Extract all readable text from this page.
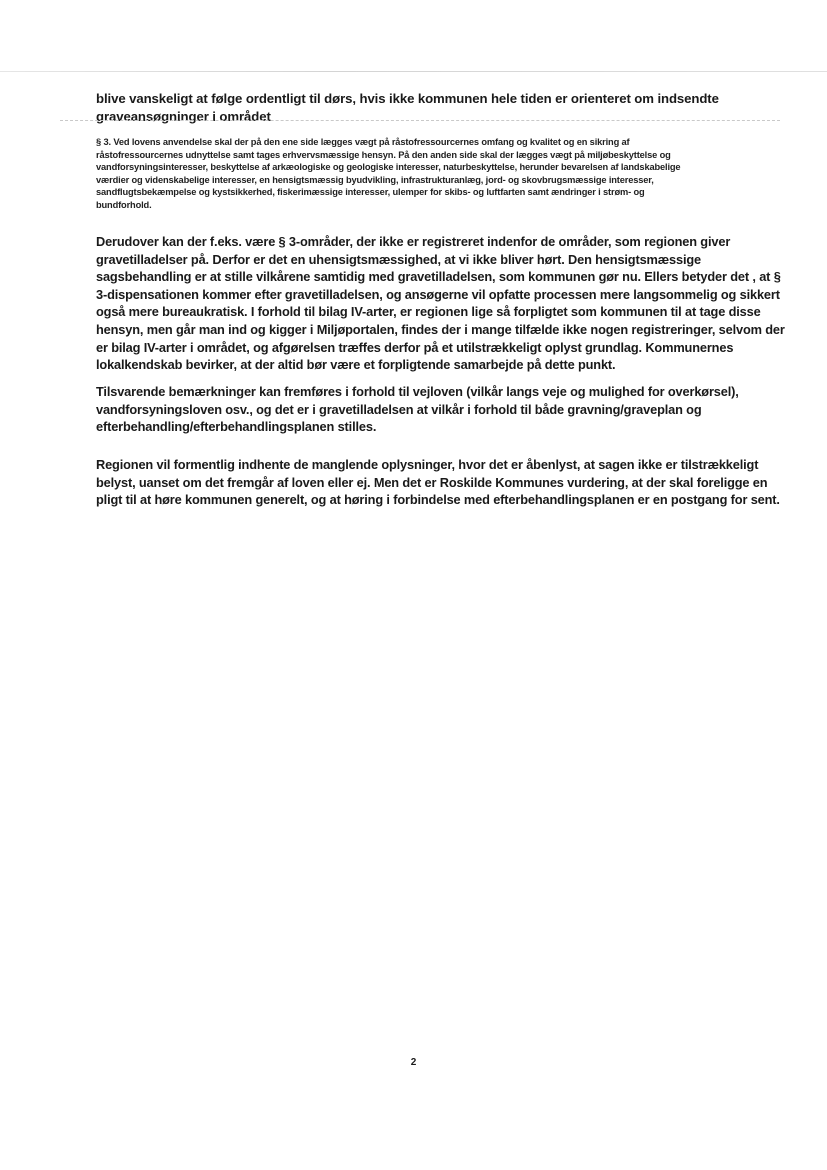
blive vanskeligt at følge ordentligt til dørs, hvis ikke kommunen hele tiden er orienteret om indsendte
graveansøgninger i området
§ 3. Ved lovens anvendelse skal der på den ene side lægges vægt på råstofressourcernes omfang og kvalitet og en sikring af
råstofressourcernes udnyttelse samt tages erhvervsmæssige hensyn. På den anden side skal der lægges vægt på miljøbeskyttelse og
vandforsyningsinteresser, beskyttelse af arkæologiske og geologiske interesser, naturbeskyttelse, herunder bevarelsen af landskabelige
værdier og videnskabelige interesser, en hensigtsmæssig byudvikling, infrastrukturanlæg, jord- og skovbrugsmæssige interesser,
sandflugtsbekæmpelse og kystsikkerhed, fiskerimæssige interesser, ulemper for skibs- og luftfarten samt ændringer i strøm- og
bundforhold.
Derudover kan der f.eks. være § 3-områder, der ikke er registreret indenfor de områder, som regionen giver
gravetilladelser på. Derfor er det en uhensigtsmæssighed, at vi ikke bliver hørt. Den hensigtsmæssige
sagsbehandling er at stille vilkårene samtidig med gravetilladelsen, som kommunen gør nu. Ellers betyder det , at §
3-dispensationen kommer efter gravetilladelsen, og ansøgerne vil opfatte processen mere langsommelig og sikkert
også mere bureaukratisk. I forhold til bilag IV-arter, er regionen lige så forpligtet som kommunen til at tage disse
hensyn, men går man ind og kigger i Miljøportalen, findes der i mange tilfælde ikke nogen registreringer, selvom der
er bilag IV-arter i området, og afgørelsen træffes derfor på et utilstrækkeligt oplyst grundlag. Kommunernes
lokalkendskab bevirker, at der altid bør være et forpligtende samarbejde på dette punkt.
Tilsvarende bemærkninger kan fremføres i forhold til vejloven (vilkår langs veje og mulighed for overkørsel),
vandforsyningsloven osv., og det er i gravetilladelsen at vilkår i forhold til både gravning/graveplan og
efterbehandling/efterbehandlingsplanen stilles.
Regionen vil formentlig indhente de manglende oplysninger, hvor det er åbenlyst, at sagen ikke er tilstrækkeligt
belyst, uanset om det fremgår af loven eller ej. Men det er Roskilde Kommunes vurdering, at der skal foreligge en
pligt til at høre kommunen generelt, og at høring i forbindelse med efterbehandlingsplanen er en postgang for sent.
2
